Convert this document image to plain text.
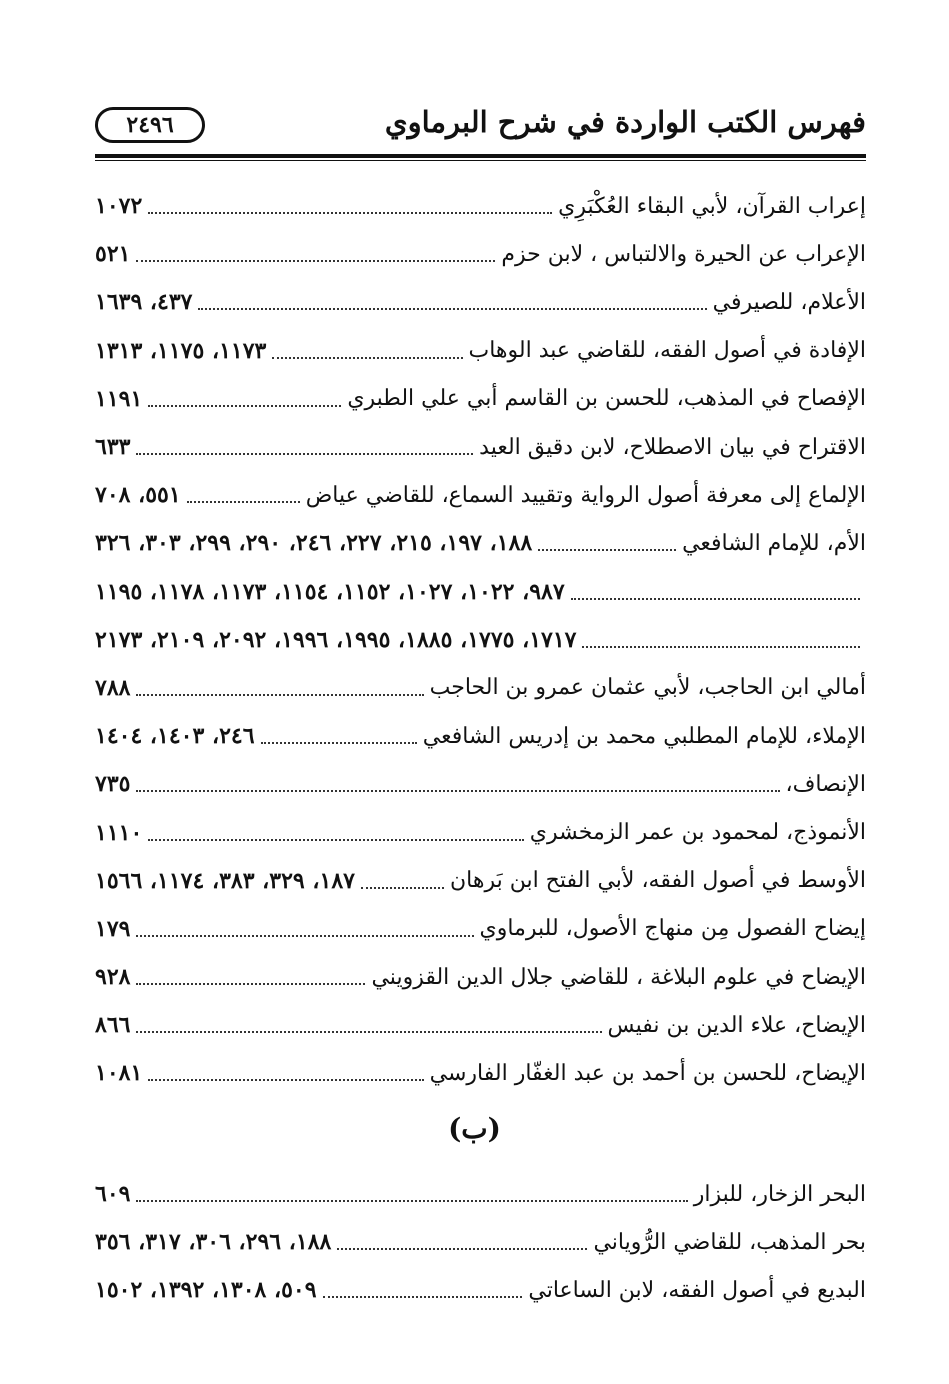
فهرس الكتب الواردة في شرح البرماوي
٢٤٩٦
إعراب القرآن، لأبي البقاء العُكْبَرِي
١٠٧٢
الإعراب عن الحيرة والالتباس ، لابن حزم
٥٢١
الأعلام، للصيرفي
٤٣٧، ١٦٣٩
الإفادة في أصول الفقه، للقاضي عبد الوهاب
١١٧٣، ١١٧٥، ١٣١٣
الإفصاح في المذهب، للحسن بن القاسم أبي علي الطبري
١١٩١
الاقتراح في بيان الاصطلاح، لابن دقيق العيد
٦٣٣
الإلماع إلى معرفة أصول الرواية وتقييد السماع، للقاضي عياض
٥٥١، ٧٠٨
الأم، للإمام الشافعي
١٨٨، ١٩٧، ٢١٥، ٢٢٧، ٢٤٦، ٢٩٠، ٢٩٩، ٣٠٣، ٣٢٦
٩٨٧، ١٠٢٢، ١٠٢٧، ١١٥٢، ١١٥٤، ١١٧٣، ١١٧٨، ١١٩٥
١٧١٧، ١٧٧٥، ١٨٨٥، ١٩٩٥، ١٩٩٦، ٢٠٩٢، ٢١٠٩، ٢١٧٣
أمالي ابن الحاجب، لأبي عثمان عمرو بن الحاجب
٧٨٨
الإملاء، للإمام المطلبي محمد بن إدريس الشافعي
٢٤٦، ١٤٠٣، ١٤٠٤
الإنصاف،
٧٣٥
الأنموذج، لمحمود بن عمر الزمخشري
١١١٠
الأوسط في أصول الفقه، لأبي الفتح ابن بَرهان
١٨٧، ٣٢٩، ٣٨٣، ١١٧٤، ١٥٦٦
إيضاح الفصول مِن منهاج الأصول، للبرماوي
١٧٩
الإيضاح في علوم البلاغة ، للقاضي جلال الدين القزويني
٩٢٨
الإيضاح، علاء الدين بن نفيس
٨٦٦
الإيضاح، للحسن بن أحمد بن عبد الغفّار الفارسي
١٠٨١
(ب)
البحر الزخار، للبزار
٦٠٩
بحر المذهب، للقاضي الرُّوياني
١٨٨، ٢٩٦، ٣٠٦، ٣١٧، ٣٥٦
البديع في أصول الفقه، لابن الساعاتي
٥٠٩، ١٣٠٨، ١٣٩٢، ١٥٠٢
